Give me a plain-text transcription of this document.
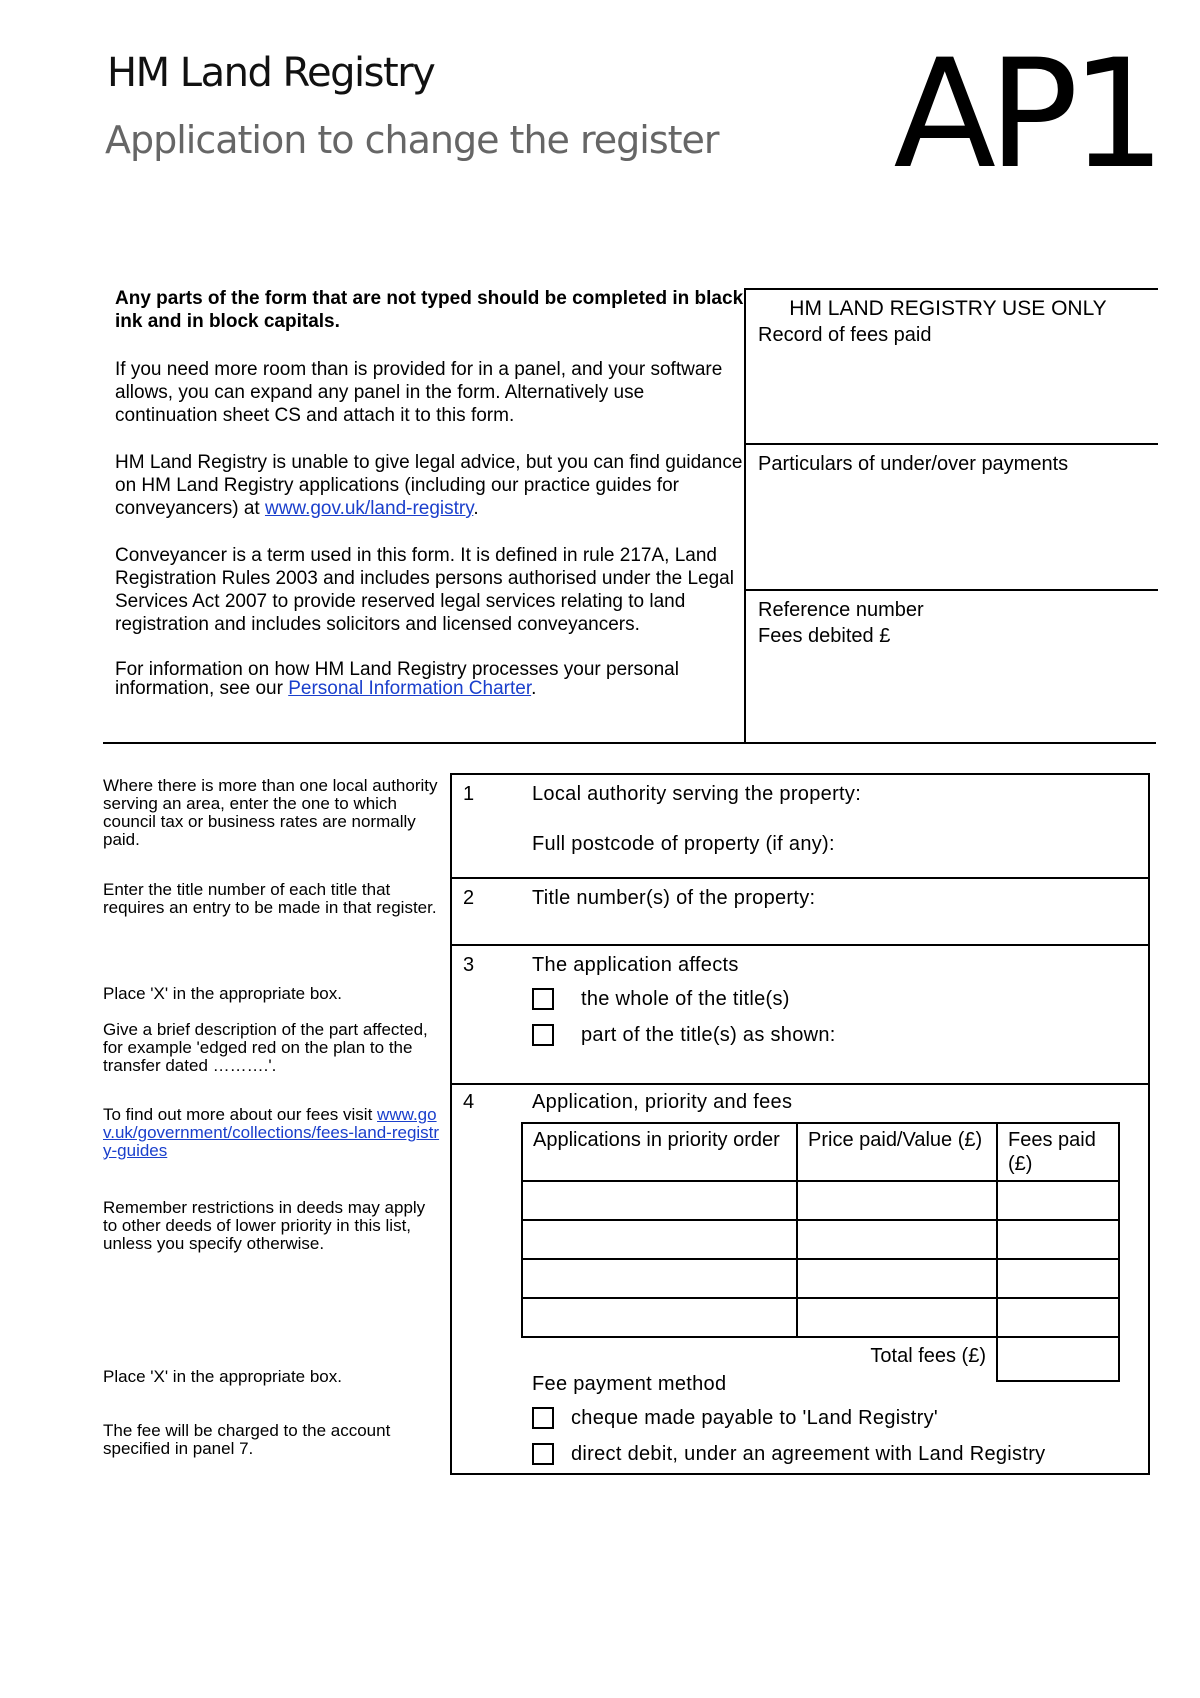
HM Land Registry
Application to change the register AP1

Any parts of the form that are not typed should be completed in black ink and in block capitals.

If you need more room than is provided for in a panel, and your software allows, you can expand any panel in the form. Alternatively use continuation sheet CS and attach it to this form.

HM Land Registry is unable to give legal advice, but you can find guidance on HM Land Registry applications (including our practice guides for conveyancers) at www.gov.uk/land-registry.

Conveyancer is a term used in this form. It is defined in rule 217A, Land Registration Rules 2003 and includes persons authorised under the Legal Services Act 2007 to provide reserved legal services relating to land registration and includes solicitors and licensed conveyancers.

For information on how HM Land Registry processes your personal information, see our Personal Information Charter.

HM LAND REGISTRY USE ONLY
Record of fees paid
Particulars of under/over payments
Reference number
Fees debited £
Where there is more than one local authority serving an area, enter the one to which council tax or business rates are normally paid.
Enter the title number of each title that requires an entry to be made in that register.
Place 'X' in the appropriate box.
Give a brief description of the part affected, for example 'edged red on the plan to the transfer dated ……….'.
To find out more about our fees visit www.gov.uk/government/collections/fees-land-registry-guides
Remember restrictions in deeds may apply to other deeds of lower priority in this list, unless you specify otherwise.
Place 'X' in the appropriate box.
The fee will be charged to the account specified in panel 7.
1	Local authority serving the property:
Full postcode of property (if any):
2	Title number(s) of the property:
3	The application affects
the whole of the title(s)
part of the title(s) as shown:
4	Application, priority and fees
Applications in priority order	Price paid/Value (£)	Fees paid (£)

Total fees (£)		
Fee payment method
cheque made payable to 'Land Registry'
direct debit, under an agreement with Land Registry
